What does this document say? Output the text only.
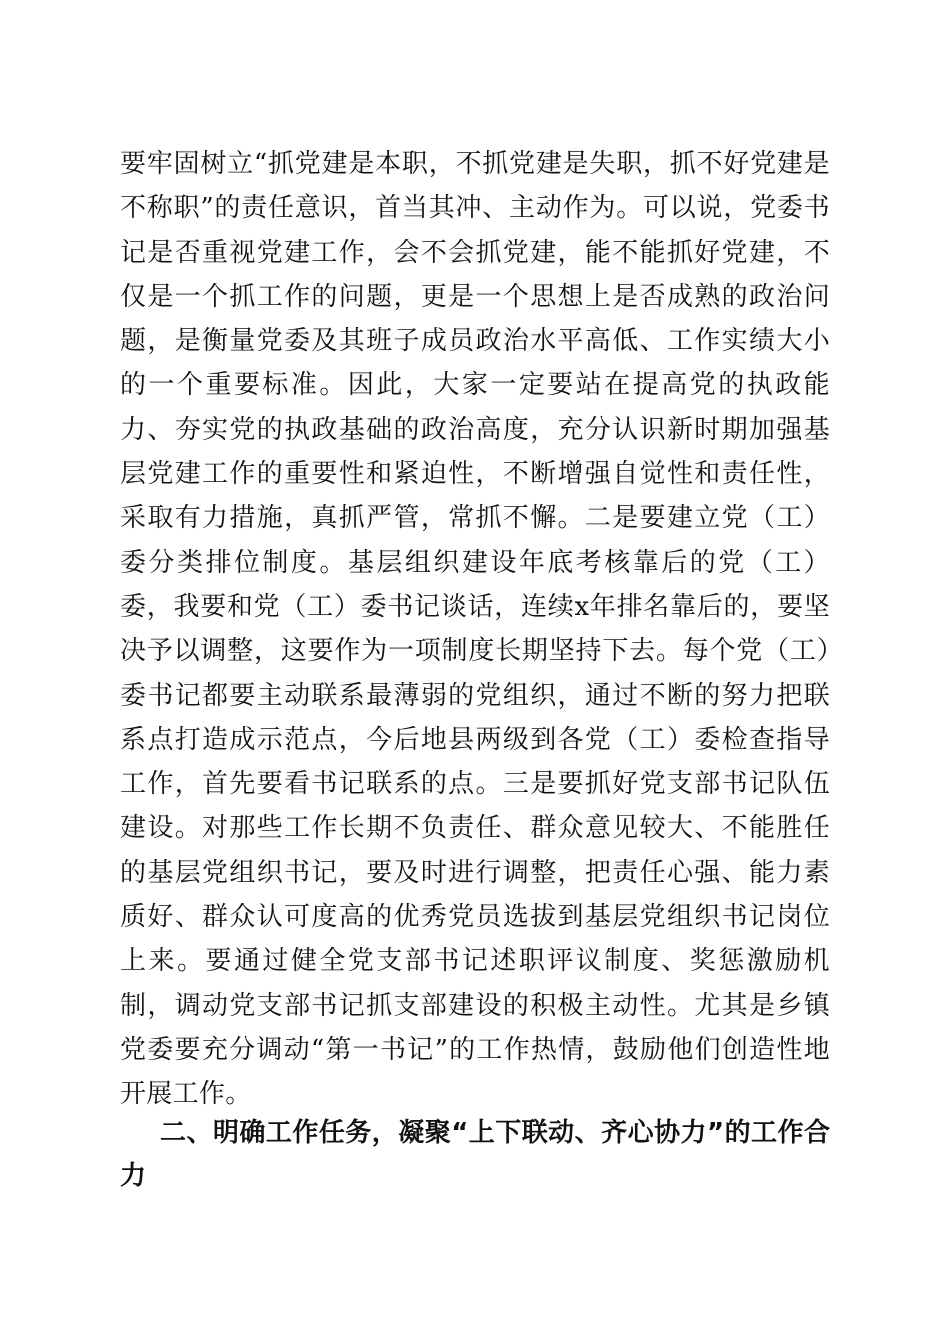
要牢固树立“抓党建是本职，不抓党建是失职，抓不好党建是不称职”的责任意识，首当其冲、主动作为。可以说，党委书记是否重视党建工作，会不会抓党建，能不能抓好党建，不仅是一个抓工作的问题，更是一个思想上是否成熟的政治问题，是衡量党委及其班子成员政治水平高低、工作实绩大小的一个重要标准。因此，大家一定要站在提高党的执政能力、夯实党的执政基础的政治高度，充分认识新时期加强基层党建工作的重要性和紧迫性，不断增强自觉性和责任性，采取有力措施，真抓严管，常抓不懈。二是要建立党（工）委分类排位制度。基层组织建设年底考核靠后的党（工）委，我要和党（工）委书记谈话，连续x年排名靠后的，要坚决予以调整，这要作为一项制度长期坚持下去。每个党（工）委书记都要主动联系最薄弱的党组织，通过不断的努力把联系点打造成示范点，今后地县两级到各党（工）委检查指导工作，首先要看书记联系的点。三是要抓好党支部书记队伍建设。对那些工作长期不负责任、群众意见较大、不能胜任的基层党组织书记，要及时进行调整，把责任心强、能力素质好、群众认可度高的优秀党员选拔到基层党组织书记岗位上来。要通过健全党支部书记述职评议制度、奖惩激励机制，调动党支部书记抓支部建设的积极主动性。尤其是乡镇党委要充分调动“第一书记”的工作热情，鼓励他们创造性地开展工作。

二、明确工作任务，凝聚“上下联动、齐心协力”的工作合力
